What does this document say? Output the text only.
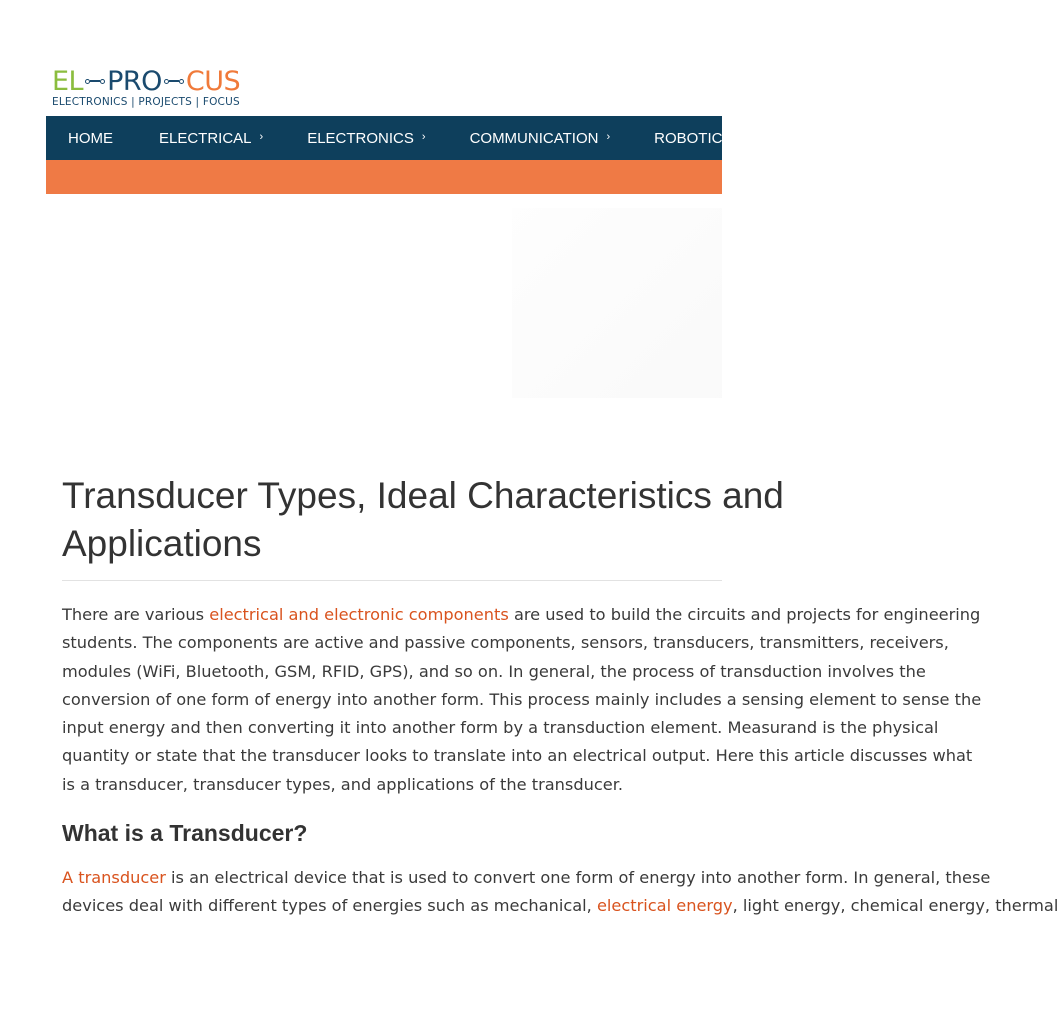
EL PRO CUS
ELECTRONICS | PROJECTS | FOCUS
HOME	ELECTRICAL ›	ELECTRONICS ›	COMMUNICATION ›	ROBOTICS
Transducer Types, Ideal Characteristics and
Applications
There are various electrical and electronic components are used to build the circuits and projects for engineering
students. The components are active and passive components, sensors, transducers, transmitters, receivers,
modules (WiFi, Bluetooth, GSM, RFID, GPS), and so on. In general, the process of transduction involves the
conversion of one form of energy into another form. This process mainly includes a sensing element to sense the
input energy and then converting it into another form by a transduction element. Measurand is the physical
quantity or state that the transducer looks to translate into an electrical output. Here this article discusses what
is a transducer, transducer types, and applications of the transducer.
What is a Transducer?
A transducer is an electrical device that is used to convert one form of energy into another form. In general, these
devices deal with different types of energies such as mechanical, electrical energy, light energy, chemical energy, thermal
